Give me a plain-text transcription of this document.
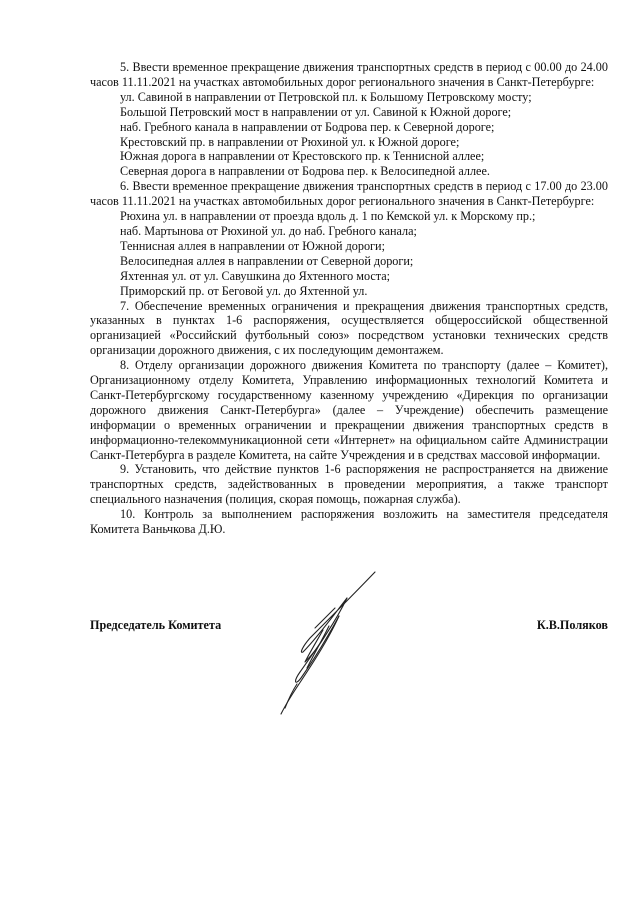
5. Ввести временное прекращение движения транспортных средств в период с 00.00 до 24.00 часов 11.11.2021 на участках автомобильных дорог регионального значения в Санкт-Петербурге:

ул. Савиной в направлении от Петровской пл. к Большому Петровскому мосту;

Большой Петровский мост в направлении от ул. Савиной к Южной дороге;

наб. Гребного канала в направлении от Бодрова пер. к Северной дороге;

Крестовский пр. в направлении от Рюхиной ул. к Южной дороге;

Южная дорога в направлении от Крестовского пр. к Теннисной аллее;

Северная дорога в направлении от Бодрова пер. к Велосипедной аллее.

6. Ввести временное прекращение движения транспортных средств в период с 17.00 до 23.00 часов 11.11.2021 на участках автомобильных дорог регионального значения в Санкт-Петербурге:

Рюхина ул. в направлении от проезда вдоль д. 1 по Кемской ул. к Морскому пр.;

наб. Мартынова от Рюхиной ул. до наб. Гребного канала;

Теннисная аллея в направлении от Южной дороги;

Велосипедная аллея в направлении от Северной дороги;

Яхтенная ул. от ул. Савушкина до Яхтенного моста;

Приморский пр. от Беговой ул. до Яхтенной ул.

7. Обеспечение временных ограничения и прекращения движения транспортных средств, указанных в пунктах 1-6 распоряжения, осуществляется общероссийской общественной организацией «Российский футбольный союз» посредством установки технических средств организации дорожного движения, с их последующим демонтажем.

8. Отделу организации дорожного движения Комитета по транспорту (далее – Комитет), Организационному отделу Комитета, Управлению информационных технологий Комитета и Санкт-Петербургскому государственному казенному учреждению «Дирекция по организации дорожного движения Санкт-Петербурга» (далее – Учреждение) обеспечить размещение информации о временных ограничении и прекращении движения транспортных средств в информационно-телекоммуникационной сети «Интернет» на официальном сайте Администрации Санкт-Петербурга в разделе Комитета, на сайте Учреждения и в средствах массовой информации.

9. Установить, что действие пунктов 1-6 распоряжения не распространяется на движение транспортных средств, задействованных в проведении мероприятия, а также транспорт специального назначения (полиция, скорая помощь, пожарная служба).

10. Контроль за выполнением распоряжения возложить на заместителя председателя Комитета Ваньчкова Д.Ю.

Председатель Комитета	К.В.Поляков
